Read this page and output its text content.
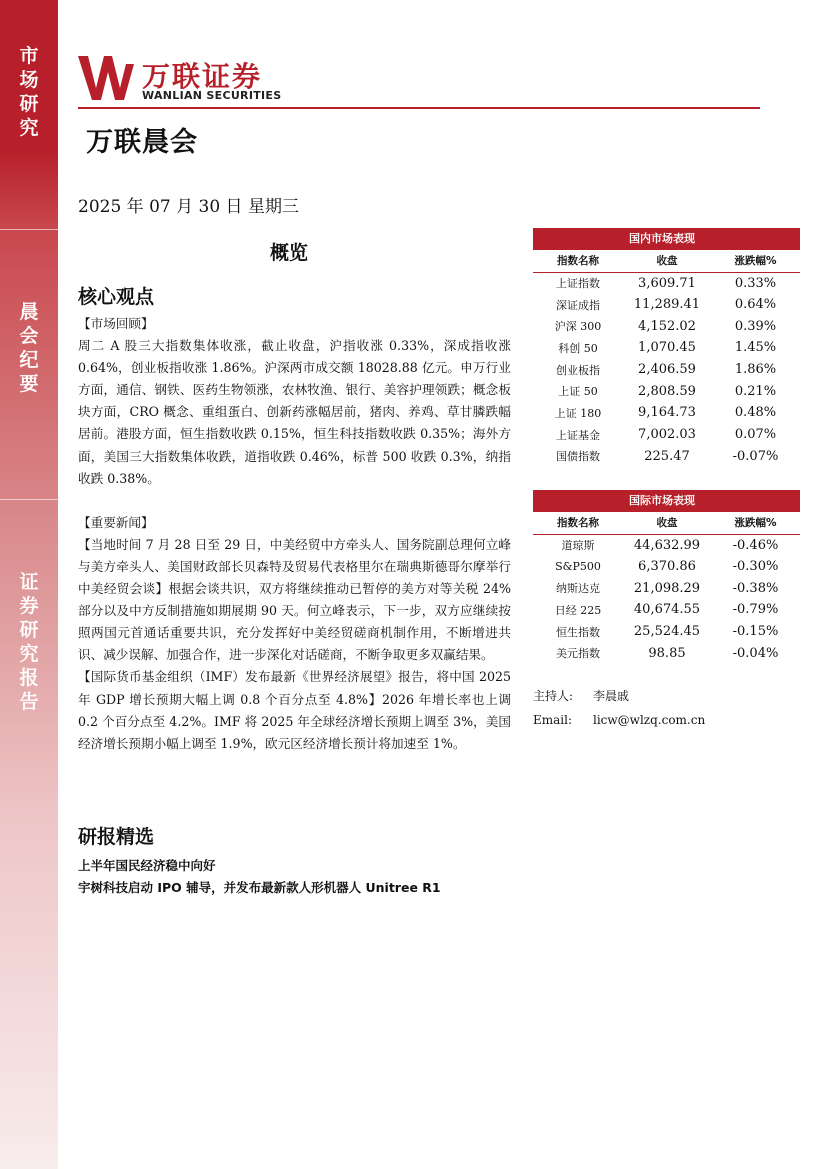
市
场
研
究
晨
会
纪
要
证
券
研
究
报
告
万联证券
WANLIAN SECURITIES
万联晨会
2025 年 07 月 30 日 星期三
概览
核心观点

【市场回顾】

周二 A 股三大指数集体收涨，截止收盘，沪指收涨 0.33%，深成指收涨 0.64%，创业板指收涨 1.86%。沪深两市成交额 18028.88 亿元。申万行业方面，通信、钢铁、医药生物领涨，农林牧渔、银行、美容护理领跌；概念板块方面，CRO 概念、重组蛋白、创新药涨幅居前，猪肉、养鸡、草甘膦跌幅居前。港股方面，恒生指数收跌 0.15%，恒生科技指数收跌 0.35%；海外方面，美国三大指数集体收跌，道指收跌 0.46%，标普 500 收跌 0.3%，纳指收跌 0.38%。

【重要新闻】

【当地时间 7 月 28 日至 29 日，中美经贸中方牵头人、国务院副总理何立峰与美方牵头人、美国财政部长贝森特及贸易代表格里尔在瑞典斯德哥尔摩举行中美经贸会谈】根据会谈共识，双方将继续推动已暂停的美方对等关税 24%部分以及中方反制措施如期展期 90 天。何立峰表示，下一步，双方应继续按照两国元首通话重要共识，充分发挥好中美经贸磋商机制作用，不断增进共识、减少误解、加强合作，进一步深化对话磋商，不断争取更多双赢结果。

【国际货币基金组织（IMF）发布最新《世界经济展望》报告，将中国 2025 年 GDP 增长预期大幅上调 0.8 个百分点至 4.8%】2026 年增长率也上调 0.2 个百分点至 4.2%。IMF 将 2025 年全球经济增长预期上调至 3%，美国经济增长预期小幅上调至 1.9%，欧元区经济增长预计将加速至 1%。

研报精选
上半年国民经济稳中向好
宇树科技启动 IPO 辅导，并发布最新款人形机器人 Unitree R1
国内市场表现
指数名称	收盘	涨跌幅%
上证指数	3,609.71	0.33%
深证成指	11,289.41	0.64%
沪深 300	4,152.02	0.39%
科创 50	1,070.45	1.45%
创业板指	2,406.59	1.86%
上证 50	2,808.59	0.21%
上证 180	9,164.73	0.48%
上证基金	7,002.03	0.07%
国债指数	225.47	-0.07%
国际市场表现
指数名称	收盘	涨跌幅%
道琼斯	44,632.99	-0.46%
S&P500	6,370.86	-0.30%
纳斯达克	21,098.29	-0.38%
日经 225	40,674.55	-0.79%
恒生指数	25,524.45	-0.15%
美元指数	98.85	-0.04%
主持人: 李晨戚
Email: licw@wlzq.com.cn
